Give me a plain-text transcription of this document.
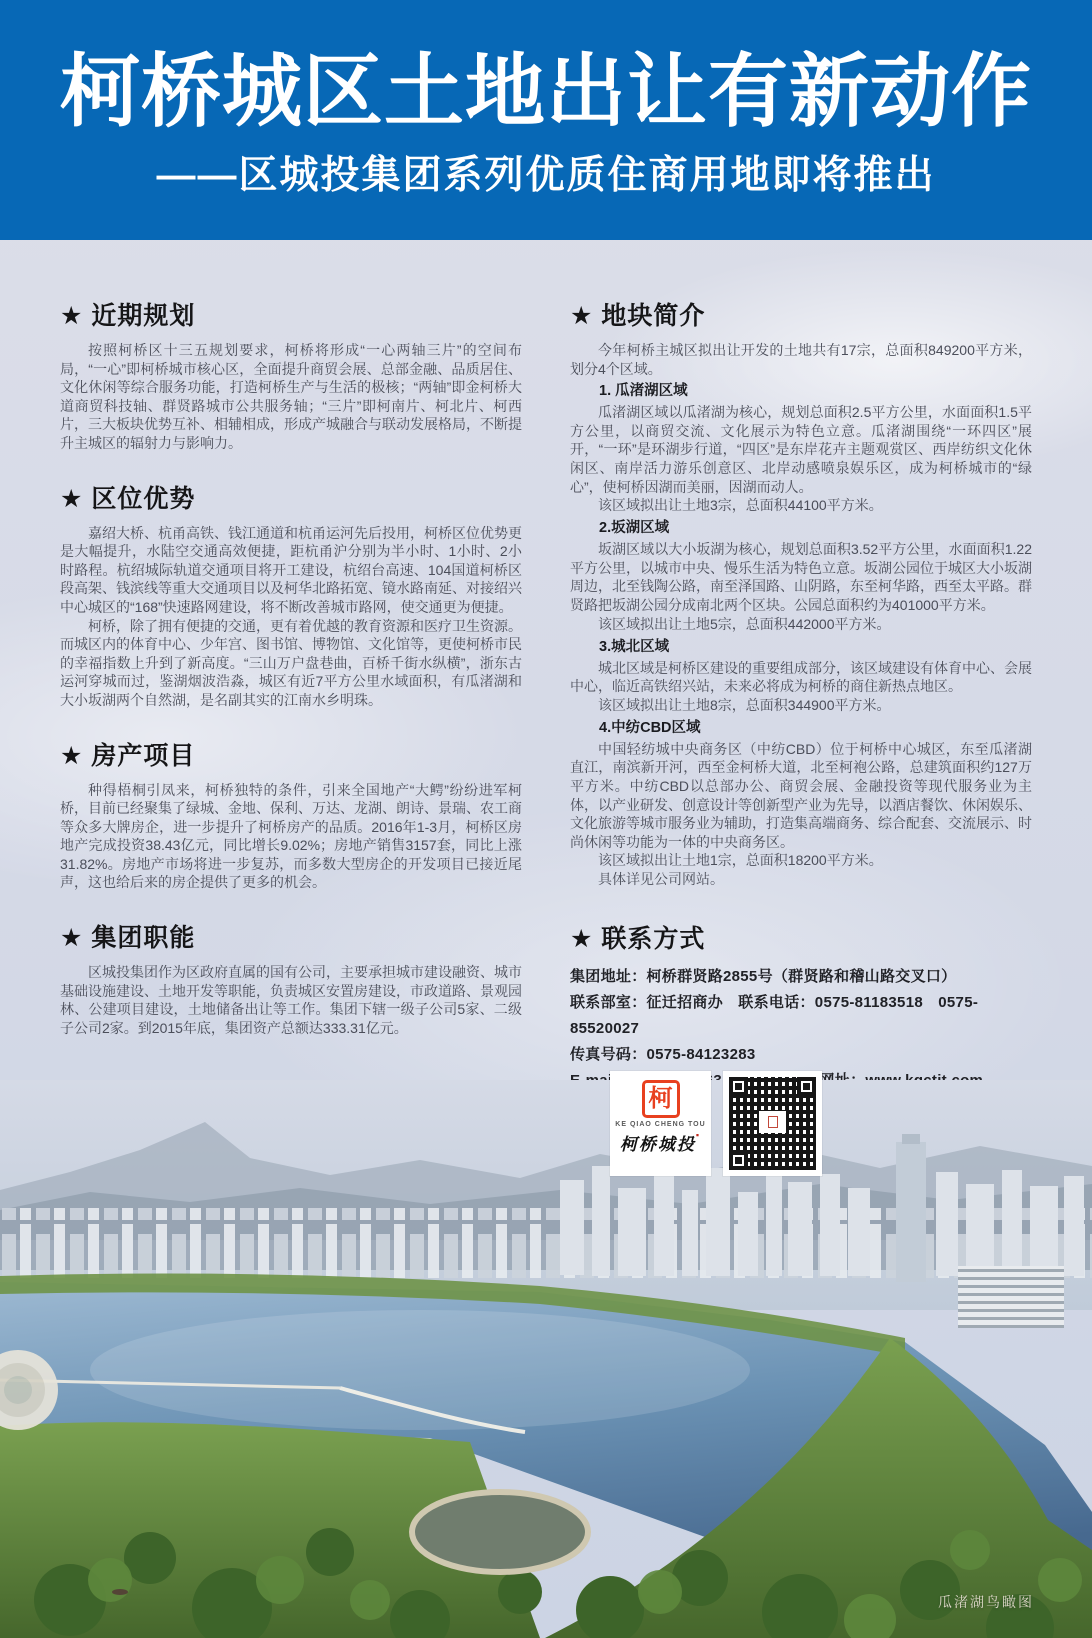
柯桥城区土地出让有新动作
——区城投集团系列优质住商用地即将推出
★ 近期规划

按照柯桥区十三五规划要求，柯桥将形成“一心两轴三片”的空间布局，“一心”即柯桥城市核心区，全面提升商贸会展、总部金融、品质居住、文化休闲等综合服务功能，打造柯桥生产与生活的极核；“两轴”即金柯桥大道商贸科技轴、群贤路城市公共服务轴；“三片”即柯南片、柯北片、柯西片，三大板块优势互补、相辅相成，形成产城融合与联动发展格局，不断提升主城区的辐射力与影响力。

★ 区位优势

嘉绍大桥、杭甬高铁、钱江通道和杭甬运河先后投用，柯桥区位优势更是大幅提升，水陆空交通高效便捷，距杭甬沪分别为半小时、1小时、2小时路程。杭绍城际轨道交通项目将开工建设，杭绍台高速、104国道柯桥区段高架、钱滨线等重大交通项目以及柯华北路拓宽、镜水路南延、对接绍兴中心城区的“168”快速路网建设，将不断改善城市路网，使交通更为便捷。

柯桥，除了拥有便捷的交通，更有着优越的教育资源和医疗卫生资源。而城区内的体育中心、少年宫、图书馆、博物馆、文化馆等，更使柯桥市民的幸福指数上升到了新高度。“三山万户盘巷曲，百桥千街水纵横”，浙东古运河穿城而过，鉴湖烟波浩淼，城区有近7平方公里水域面积，有瓜渚湖和大小坂湖两个自然湖，是名副其实的江南水乡明珠。

★ 房产项目

种得梧桐引凤来，柯桥独特的条件，引来全国地产“大鳄”纷纷进军柯桥，目前已经聚集了绿城、金地、保利、万达、龙湖、朗诗、景瑞、农工商等众多大牌房企，进一步提升了柯桥房产的品质。2016年1-3月，柯桥区房地产完成投资38.43亿元，同比增长9.02%；房地产销售3157套，同比上涨31.82%。房地产市场将进一步复苏，而多数大型房企的开发项目已接近尾声，这也给后来的房企提供了更多的机会。

★ 集团职能

区城投集团作为区政府直属的国有公司，主要承担城市建设融资、城市基础设施建设、土地开发等职能，负责城区安置房建设，市政道路、景观园林、公建项目建设，土地储备出让等工作。集团下辖一级子公司5家、二级子公司2家。到2015年底，集团资产总额达333.31亿元。

★ 地块简介

今年柯桥主城区拟出让开发的土地共有17宗，总面积849200平方米，划分4个区域。

1. 瓜渚湖区域

瓜渚湖区域以瓜渚湖为核心，规划总面积2.5平方公里，水面面积1.5平方公里，以商贸交流、文化展示为特色立意。瓜渚湖围绕“一环四区”展开，“一环”是环湖步行道，“四区”是东岸花卉主题观赏区、西岸纺织文化休闲区、南岸活力游乐创意区、北岸动感喷泉娱乐区，成为柯桥城市的“绿心”，使柯桥因湖而美丽，因湖而动人。

该区域拟出让土地3宗，总面积44100平方米。

2.坂湖区域

坂湖区域以大小坂湖为核心，规划总面积3.52平方公里，水面面积1.22平方公里，以城市中央、慢乐生活为特色立意。坂湖公园位于城区大小坂湖周边，北至钱陶公路，南至泽国路、山阴路，东至柯华路，西至太平路。群贤路把坂湖公园分成南北两个区块。公园总面积约为401000平方米。

该区域拟出让土地5宗，总面积442000平方米。

3.城北区域

城北区域是柯桥区建设的重要组成部分，该区域建设有体育中心、会展中心，临近高铁绍兴站，未来必将成为柯桥的商住新热点地区。

该区域拟出让土地8宗，总面积344900平方米。

4.中纺CBD区域

中国轻纺城中央商务区（中纺CBD）位于柯桥中心城区，东至瓜渚湖直江，南滨新开河，西至金柯桥大道，北至柯袍公路，总建筑面积约127万平方米。中纺CBD以总部办公、商贸会展、金融投资等现代服务业为主体，以产业研发、创意设计等创新型产业为先导，以酒店餐饮、休闲娱乐、文化旅游等城市服务业为辅助，打造集高端商务、综合配套、交流展示、时尚休闲等功能为一体的中央商务区。

该区域拟出让土地1宗，总面积18200平方米。

具体详见公司网站。

★ 联系方式

集团地址：柯桥群贤路2855号（群贤路和稽山路交叉口）

联系部室：征迁招商办　联系电话：0575-81183518　0575-85520027

传真号码：0575-84123283

柯
KE QIAO CHENG TOU
柯桥城投▪
瓜渚湖鸟瞰图
